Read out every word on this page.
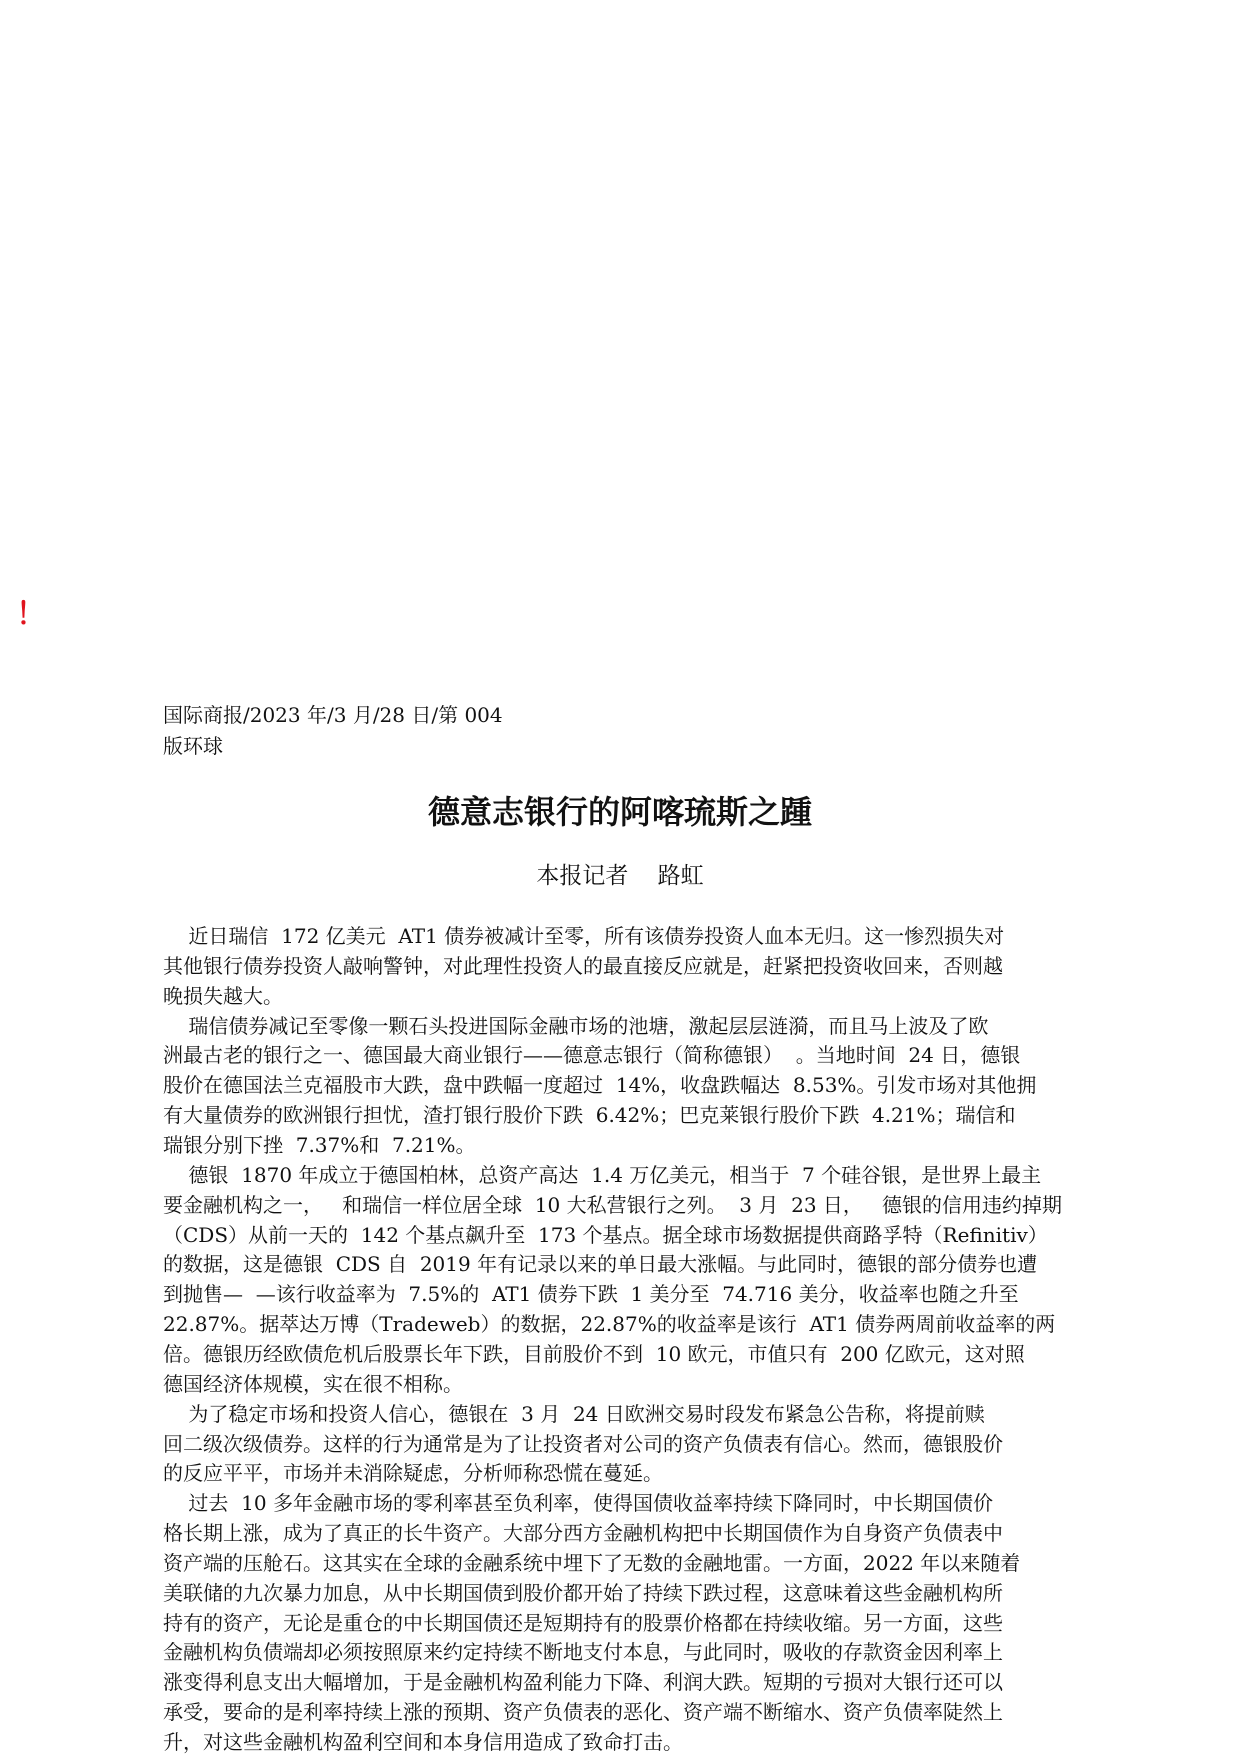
！
国际商报/2023 年/3 月/28 日/第 004
版环球
德意志银行的阿喀琉斯之踵
本报记者    路虹
近日瑞信  172 亿美元  AT1 债券被减计至零，所有该债券投资人血本无归。这一惨烈损失对
其他银行债券投资人敲响警钟，对此理性投资人的最直接反应就是，赶紧把投资收回来，否则越
晚损失越大。
瑞信债券减记至零像一颗石头投进国际金融市场的池塘，激起层层涟漪，而且马上波及了欧
洲最古老的银行之一、德国最大商业银行——德意志银行（简称德银）  。当地时间  24 日，德银
股价在德国法兰克福股市大跌，盘中跌幅一度超过  14%，收盘跌幅达  8.53%。引发市场对其他拥
有大量债券的欧洲银行担忧，渣打银行股价下跌  6.42%；巴克莱银行股价下跌  4.21%；瑞信和
瑞银分别下挫  7.37%和  7.21%。
德银  1870 年成立于德国柏林，总资产高达  1.4 万亿美元，相当于  7 个硅谷银，是世界上最主
要金融机构之一，   和瑞信一样位居全球  10 大私营银行之列。  3 月  23 日，   德银的信用违约掉期
（CDS）从前一天的  142 个基点飙升至  173 个基点。据全球市场数据提供商路孚特（Refinitiv）
的数据，这是德银  CDS 自  2019 年有记录以来的单日最大涨幅。与此同时，德银的部分债券也遭
到抛售—  —该行收益率为  7.5%的  AT1 债券下跌  1 美分至  74.716 美分，收益率也随之升至
22.87%。据萃达万博（Tradeweb）的数据，22.87%的收益率是该行  AT1 债券两周前收益率的两
倍。德银历经欧债危机后股票长年下跌，目前股价不到  10 欧元，市值只有  200 亿欧元，这对照
德国经济体规模，实在很不相称。
为了稳定市场和投资人信心，德银在  3 月  24 日欧洲交易时段发布紧急公告称，将提前赎
回二级次级债券。这样的行为通常是为了让投资者对公司的资产负债表有信心。然而，德银股价
的反应平平，市场并未消除疑虑，分析师称恐慌在蔓延。
过去  10 多年金融市场的零利率甚至负利率，使得国债收益率持续下降同时，中长期国债价
格长期上涨，成为了真正的长牛资产。大部分西方金融机构把中长期国债作为自身资产负债表中
资产端的压舱石。这其实在全球的金融系统中埋下了无数的金融地雷。一方面，2022 年以来随着
美联储的九次暴力加息，从中长期国债到股价都开始了持续下跌过程，这意味着这些金融机构所
持有的资产，无论是重仓的中长期国债还是短期持有的股票价格都在持续收缩。另一方面，这些
金融机构负债端却必须按照原来约定持续不断地支付本息，与此同时，吸收的存款资金因利率上
涨变得利息支出大幅增加，于是金融机构盈利能力下降、利润大跌。短期的亏损对大银行还可以
承受，要命的是利率持续上涨的预期、资产负债表的恶化、资产端不断缩水、资产负债率陡然上
升，对这些金融机构盈利空间和本身信用造成了致命打击。
